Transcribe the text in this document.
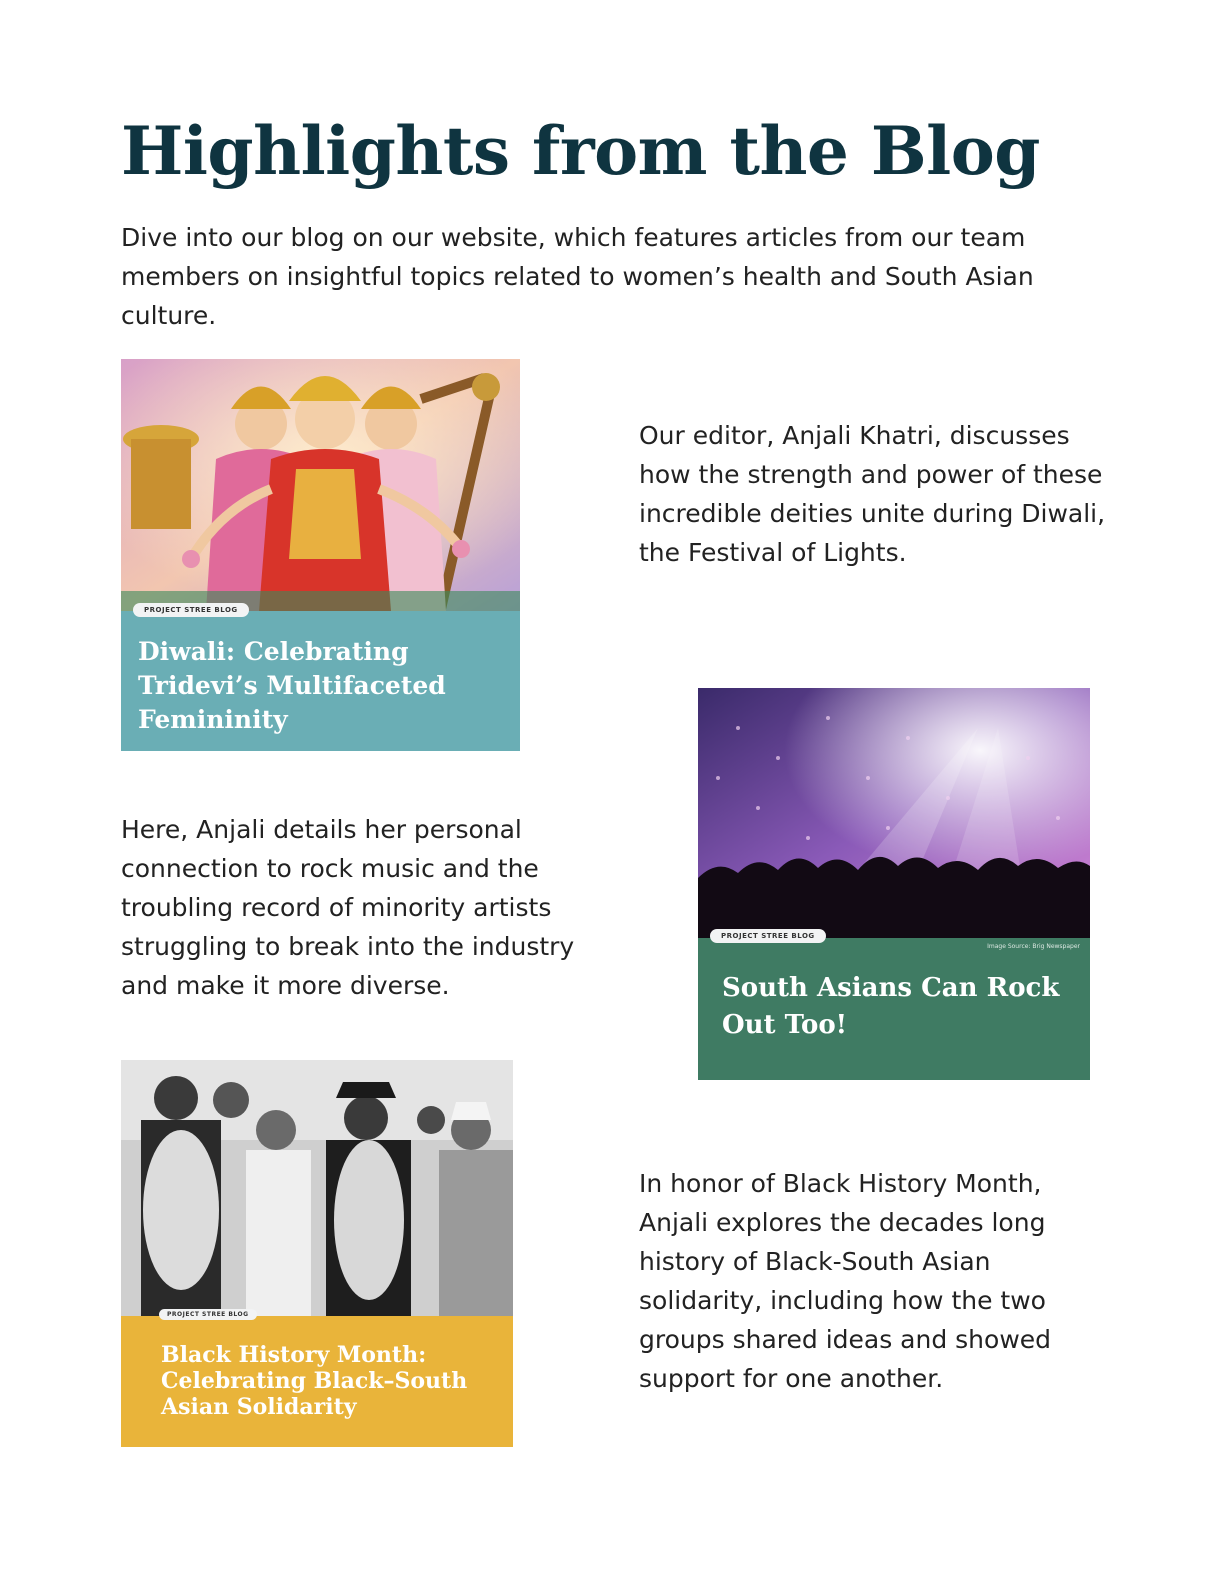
Highlights from the Blog

Dive into our blog on our website, which features articles from our team members on insightful topics related to women’s health and South Asian culture.

PROJECT STREE BLOG

Diwali: Celebrating Tridevi’s Multifaceted Femininity

Our editor, Anjali Khatri, discusses how the strength and power of these incredible deities unite during Diwali, the Festival of Lights.

PROJECT STREE BLOG
Image Source: Brig Newspaper

South Asians Can Rock Out Too!

Here, Anjali details her personal connection to rock music and the troubling record of minority artists struggling to break into the industry and make it more diverse.

PROJECT STREE BLOG

Black History Month: Celebrating Black–South Asian Solidarity

In honor of Black History Month, Anjali explores the decades long history of Black-South Asian solidarity, including how the two groups shared ideas and showed support for one another.
